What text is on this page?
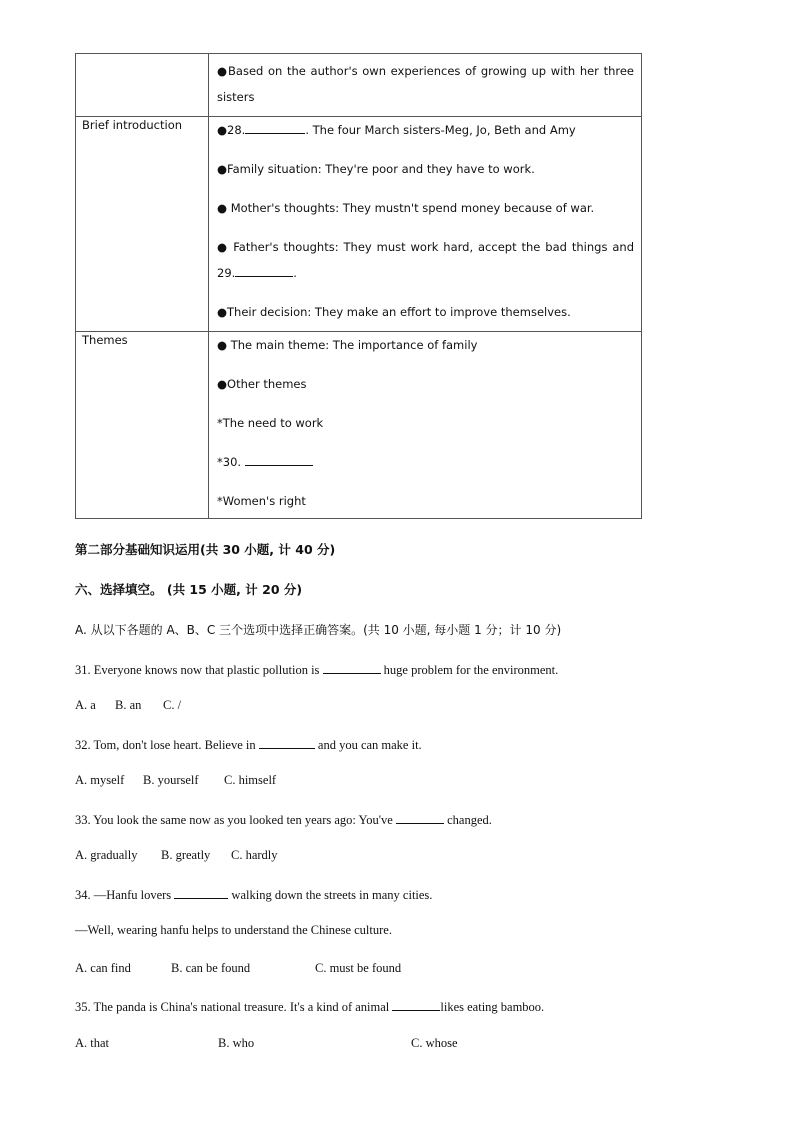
	●Based on the author's own experiences of growing up with her three sisters

Brief introduction	●28. . The four March sisters-Meg, Jo, Beth and Amy

●Family situation: They're poor and they have to work.

● Mother's thoughts: They mustn't spend money because of war.

● Father's thoughts: They must work hard, accept the bad things and 29. .

●Their decision: They make an effort to improve themselves.

Themes	● The main theme: The importance of family

●Other themes

*The need to work

*30.

*Women's right

第二部分基础知识运用(共 30 小题, 计 40 分)
六、选择填空。 (共 15 小题, 计 20 分)
A. 从以下各题的 A、B、C 三个选项中选择正确答案。(共 10 小题, 每小题 1 分；计 10 分)
31. Everyone knows now that plastic pollution is	huge problem for the environment.
A. a B. an C. /
32. Tom, don't lose heart. Believe in	and you can make it.
A. myself B. yourself C. himself
33. You look the same now as you looked ten years ago: You've	changed.
A. gradually B. greatly C. hardly
34. —Hanfu lovers	walking down the streets in many cities.
—Well, wearing hanfu helps to understand the Chinese culture.
A. can find	B. can be found	C. must be found
35. The panda is China's national treasure. It's a kind of animal	likes eating bamboo.
A. that	B. who	C. whose
